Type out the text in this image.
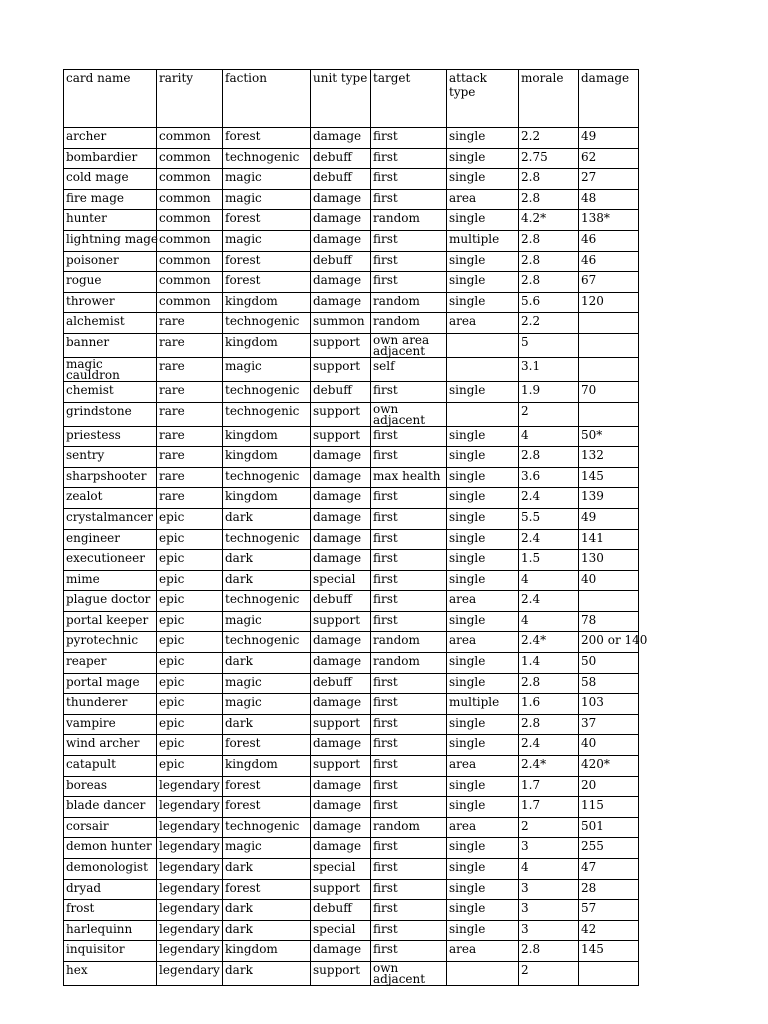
card name	rarity	faction	unit type	target	attack type	morale	damage
archer	common	forest	damage	first	single	2.2	49
bombardier	common	technogenic	debuff	first	single	2.75	62
cold mage	common	magic	debuff	first	single	2.8	27
fire mage	common	magic	damage	first	area	2.8	48
hunter	common	forest	damage	random	single	4.2*	138*
lightning mage	common	magic	damage	first	multiple	2.8	46
poisoner	common	forest	debuff	first	single	2.8	46
rogue	common	forest	damage	first	single	2.8	67
thrower	common	kingdom	damage	random	single	5.6	120
alchemist	rare	technogenic	summon	random	area	2.2	
banner	rare	kingdom	support	own area adjacent		5	
magic cauldron	rare	magic	support	self		3.1	
chemist	rare	technogenic	debuff	first	single	1.9	70
grindstone	rare	technogenic	support	own adjacent		2	
priestess	rare	kingdom	support	first	single	4	50*
sentry	rare	kingdom	damage	first	single	2.8	132
sharpshooter	rare	technogenic	damage	max health	single	3.6	145
zealot	rare	kingdom	damage	first	single	2.4	139
crystalmancer	epic	dark	damage	first	single	5.5	49
engineer	epic	technogenic	damage	first	single	2.4	141
executioneer	epic	dark	damage	first	single	1.5	130
mime	epic	dark	special	first	single	4	40
plague doctor	epic	technogenic	debuff	first	area	2.4	
portal keeper	epic	magic	support	first	single	4	78
pyrotechnic	epic	technogenic	damage	random	area	2.4*	200 or 140
reaper	epic	dark	damage	random	single	1.4	50
portal mage	epic	magic	debuff	first	single	2.8	58
thunderer	epic	magic	damage	first	multiple	1.6	103
vampire	epic	dark	support	first	single	2.8	37
wind archer	epic	forest	damage	first	single	2.4	40
catapult	epic	kingdom	support	first	area	2.4*	420*
boreas	legendary	forest	damage	first	single	1.7	20
blade dancer	legendary	forest	damage	first	single	1.7	115
corsair	legendary	technogenic	damage	random	area	2	501
demon hunter	legendary	magic	damage	first	single	3	255
demonologist	legendary	dark	special	first	single	4	47
dryad	legendary	forest	support	first	single	3	28
frost	legendary	dark	debuff	first	single	3	57
harlequinn	legendary	dark	special	first	single	3	42
inquisitor	legendary	kingdom	damage	first	area	2.8	145
hex	legendary	dark	support	own adjacent		2	
